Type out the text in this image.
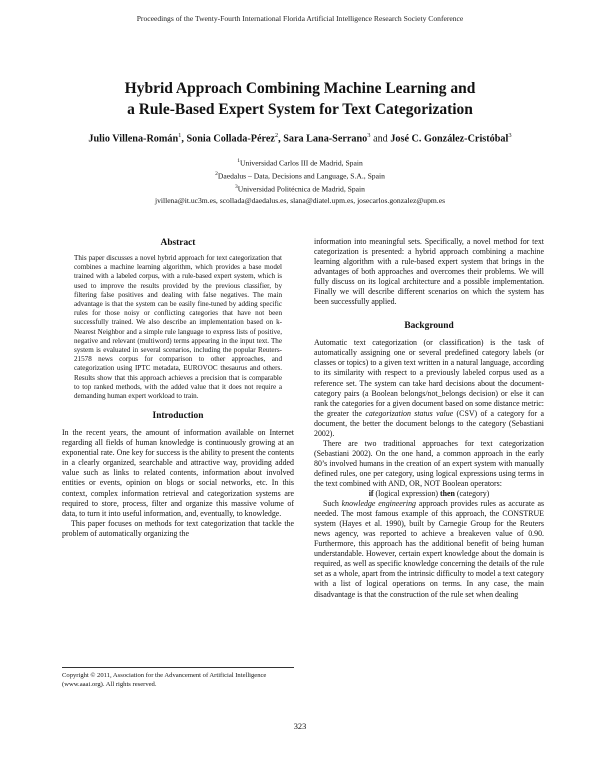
Proceedings of the Twenty-Fourth International Florida Artificial Intelligence Research Society Conference
Hybrid Approach Combining Machine Learning and
a Rule-Based Expert System for Text Categorization
Julio Villena-Román$^1$, Sonia Collada-Pérez$^2$, Sara Lana-Serrano$^3$ and José C. González-Cristóbal$^3$
$^1$Universidad Carlos III de Madrid, Spain
$^2$Daedalus – Data, Decisions and Language, S.A., Spain
$^3$Universidad Politécnica de Madrid, Spain
jvillena@it.uc3m.es, scollada@daedalus.es, slana@diatel.upm.es, josecarlos.gonzalez@upm.es
Abstract

This paper discusses a novel hybrid approach for text categorization that combines a machine learning algorithm, which provides a base model trained with a labeled corpus, with a rule-based expert system, which is used to improve the results provided by the previous classifier, by filtering false positives and dealing with false negatives. The main advantage is that the system can be easily fine-tuned by adding specific rules for those noisy or conflicting categories that have not been successfully trained. We also describe an implementation based on k-Nearest Neighbor and a simple rule language to express lists of positive, negative and relevant (multiword) terms appearing in the input text. The system is evaluated in several scenarios, including the popular Reuters-21578 news corpus for comparison to other approaches, and categorization using IPTC metadata, EUROVOC thesaurus and others. Results show that this approach achieves a precision that is comparable to top ranked methods, with the added value that it does not require a demanding human expert workload to train.

Introduction

In the recent years, the amount of information available on Internet regarding all fields of human knowledge is continuously growing at an exponential rate. One key for success is the ability to present the contents in a clearly organized, searchable and attractive way, providing added value such as links to related contents, information about involved entities or events, opinion on blogs or social networks, etc. In this context, complex information retrieval and categorization systems are required to store, process, filter and organize this massive volume of data, to turn it into useful information, and, eventually, to knowledge.

This paper focuses on methods for text categorization that tackle the problem of automatically organizing the

information into meaningful sets. Specifically, a novel method for text categorization is presented: a hybrid approach combining a machine learning algorithm with a rule-based expert system that brings in the advantages of both approaches and overcomes their problems. We will fully discuss on its logical architecture and a possible implementation. Finally we will describe different scenarios on which the system has been successfully applied.

Background

Automatic text categorization (or classification) is the task of automatically assigning one or several predefined category labels (or classes or topics) to a given text written in a natural language, according to its similarity with respect to a previously labeled corpus used as a reference set. The system can take hard decisions about the document-category pairs (a Boolean belongs/not_belongs decision) or else it can rank the categories for a given document based on some distance metric: the greater the categorization status value (CSV) of a category for a document, the better the document belongs to the category (Sebastiani 2002).

There are two traditional approaches for text categorization (Sebastiani 2002). On the one hand, a common approach in the early 80’s involved humans in the creation of an expert system with manually defined rules, one per category, using logical expressions using terms in the text combined with AND, OR, NOT Boolean operators:

if (logical expression) then (category)

Such knowledge engineering approach provides rules as accurate as needed. The most famous example of this approach, the CONSTRUE system (Hayes et al. 1990), built by Carnegie Group for the Reuters news agency, was reported to achieve a breakeven value of 0.90. Furthermore, this approach has the additional benefit of being human understandable. However, certain expert knowledge about the domain is required, as well as specific knowledge concerning the details of the rule set as a whole, apart from the intrinsic difficulty to model a text category with a list of logical operations on terms. In any case, the main disadvantage is that the construction of the rule set when dealing

Copyright © 2011, Association for the Advancement of Artificial Intelligence (www.aaai.org). All rights reserved.
323
